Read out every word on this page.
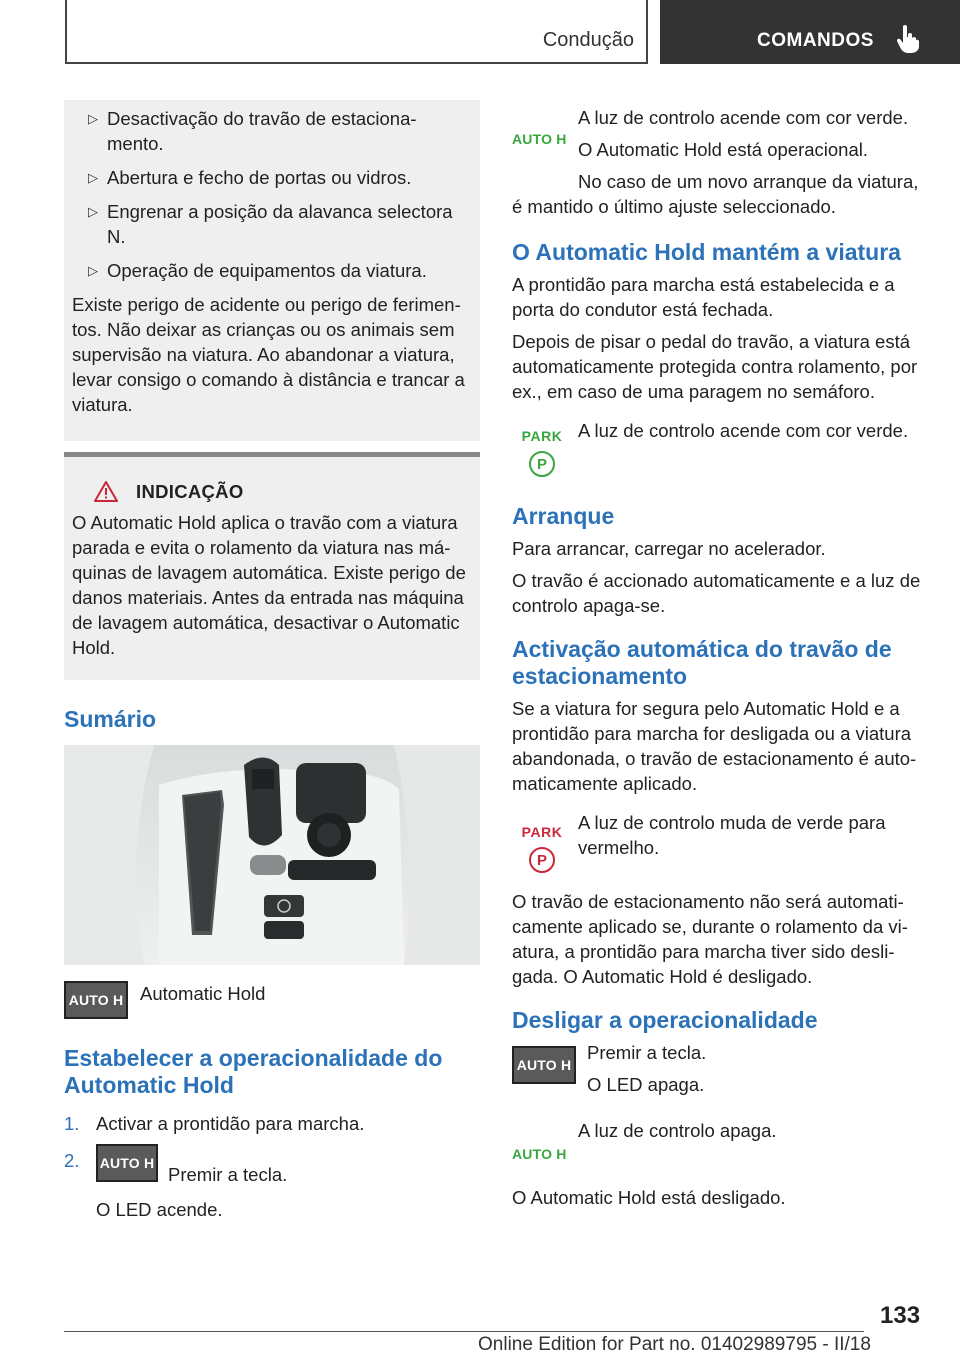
Condução	COMANDOS
▷ Desactivação do travão de estaciona-mento.
▷ Abertura e fecho de portas ou vidros.
▷ Engrenar a posição da alavanca selectora N.
▷ Operação de equipamentos da viatura.

Existe perigo de acidente ou perigo de ferimen-tos. Não deixar as crianças ou os animais sem supervisão na viatura. Ao abandonar a viatura, levar consigo o comando à distância e trancar a viatura.

INDICAÇÃO

O Automatic Hold aplica o travão com a viatura parada e evita o rolamento da viatura nas má-quinas de lavagem automática. Existe perigo de danos materiais. Antes da entrada nas máquina de lavagem automática, desactivar o Automatic Hold.

Sumário
AUTO H Automatic Hold

Estabelecer a operacionalidade do Automatic Hold
1. Activar a prontidão para marcha.
2. AUTO H
Premir a tecla.
O LED acende.
AUTO H

A luz de controlo acende com cor verde.

O Automatic Hold está operacional.

No caso de um novo arranque da viatura,

é mantido o último ajuste seleccionado.

O Automatic Hold mantém a viatura

A prontidão para marcha está estabelecida e a porta do condutor está fechada.

Depois de pisar o pedal do travão, a viatura está automaticamente protegida contra rolamento, por ex., em caso de uma paragem no semáforo.

PARK
P

A luz de controlo acende com cor verde.

Arranque

Para arrancar, carregar no acelerador.

O travão é accionado automaticamente e a luz de controlo apaga-se.

Activação automática do travão de estacionamento

Se a viatura for segura pelo Automatic Hold e a prontidão para marcha for desligada ou a viatura abandonada, o travão de estacionamento é auto-maticamente aplicado.

PARK
P

A luz de controlo muda de verde para vermelho.

O travão de estacionamento não será automati-camente aplicado se, durante o rolamento da vi-atura, a prontidão para marcha tiver sido desli-gada. O Automatic Hold é desligado.

Desligar a operacionalidade
AUTO H

Premir a tecla.

O LED apaga.

AUTO H

A luz de controlo apaga.

O Automatic Hold está desligado.

133
Online Edition for Part no. 01402989795 - II/18
